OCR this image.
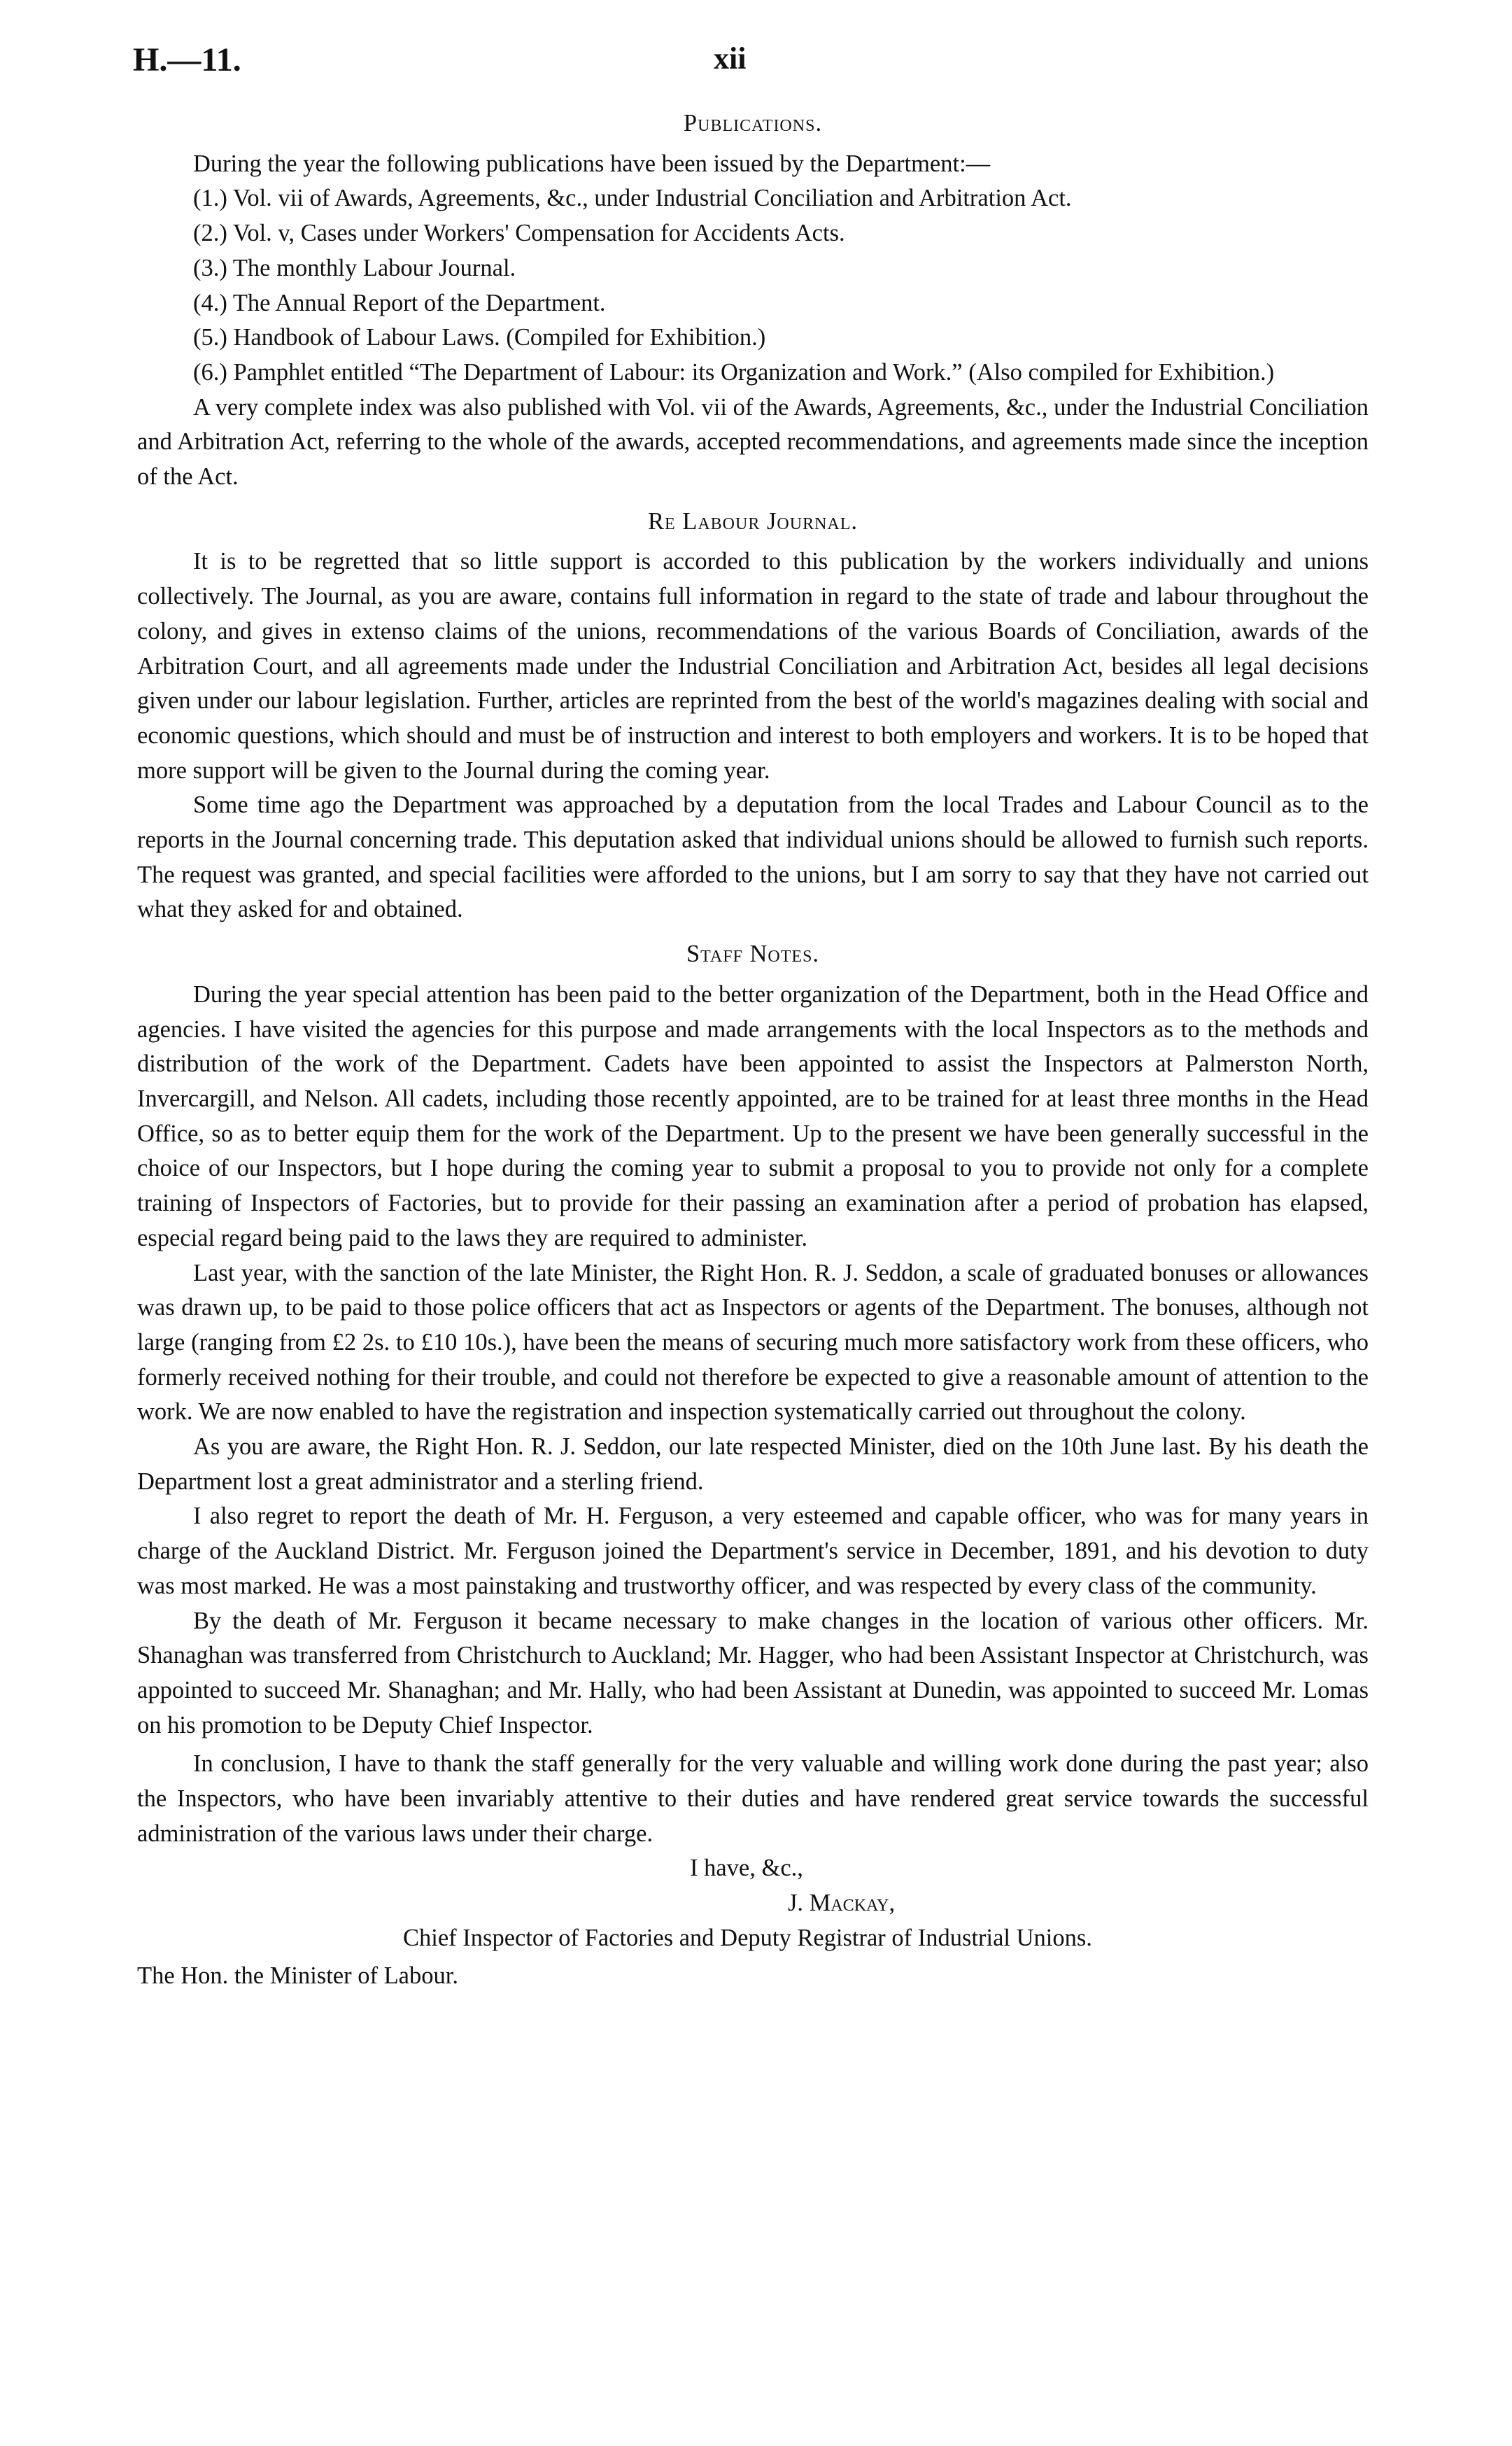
H.—11.	xii
Publications.

During the year the following publications have been issued by the Department:—

(1.) Vol. vii of Awards, Agreements, &c., under Industrial Conciliation and Arbitration Act.

(2.) Vol. v, Cases under Workers' Compensation for Accidents Acts.

(3.) The monthly Labour Journal.

(4.) The Annual Report of the Department.

(5.) Handbook of Labour Laws. (Compiled for Exhibition.)

(6.) Pamphlet entitled “The Department of Labour: its Organization and Work.” (Also compiled for Exhibition.)

A very complete index was also published with Vol. vii of the Awards, Agreements, &c., under the Industrial Conciliation and Arbitration Act, referring to the whole of the awards, accepted recommendations, and agreements made since the inception of the Act.

Re Labour Journal.

It is to be regretted that so little support is accorded to this publication by the workers individually and unions collectively. The Journal, as you are aware, contains full information in regard to the state of trade and labour throughout the colony, and gives in extenso claims of the unions, recommendations of the various Boards of Conciliation, awards of the Arbitration Court, and all agreements made under the Industrial Conciliation and Arbitration Act, besides all legal decisions given under our labour legislation. Further, articles are reprinted from the best of the world's magazines dealing with social and economic questions, which should and must be of instruction and interest to both employers and workers. It is to be hoped that more support will be given to the Journal during the coming year.

Some time ago the Department was approached by a deputation from the local Trades and Labour Council as to the reports in the Journal concerning trade. This deputation asked that individual unions should be allowed to furnish such reports. The request was granted, and special facilities were afforded to the unions, but I am sorry to say that they have not carried out what they asked for and obtained.

Staff Notes.

During the year special attention has been paid to the better organization of the Department, both in the Head Office and agencies. I have visited the agencies for this purpose and made arrangements with the local Inspectors as to the methods and distribution of the work of the Department. Cadets have been appointed to assist the Inspectors at Palmerston North, Invercargill, and Nelson. All cadets, including those recently appointed, are to be trained for at least three months in the Head Office, so as to better equip them for the work of the Department. Up to the present we have been generally successful in the choice of our Inspectors, but I hope during the coming year to submit a proposal to you to provide not only for a complete training of Inspectors of Factories, but to provide for their passing an examination after a period of probation has elapsed, especial regard being paid to the laws they are required to administer.

Last year, with the sanction of the late Minister, the Right Hon. R. J. Seddon, a scale of graduated bonuses or allowances was drawn up, to be paid to those police officers that act as Inspectors or agents of the Department. The bonuses, although not large (ranging from £2 2s. to £10 10s.), have been the means of securing much more satisfactory work from these officers, who formerly received nothing for their trouble, and could not therefore be expected to give a reasonable amount of attention to the work. We are now enabled to have the registration and inspection systematically carried out throughout the colony.

As you are aware, the Right Hon. R. J. Seddon, our late respected Minister, died on the 10th June last. By his death the Department lost a great administrator and a sterling friend.

I also regret to report the death of Mr. H. Ferguson, a very esteemed and capable officer, who was for many years in charge of the Auckland District. Mr. Ferguson joined the Department's service in December, 1891, and his devotion to duty was most marked. He was a most painstaking and trustworthy officer, and was respected by every class of the community.

By the death of Mr. Ferguson it became necessary to make changes in the location of various other officers. Mr. Shanaghan was transferred from Christchurch to Auckland; Mr. Hagger, who had been Assistant Inspector at Christchurch, was appointed to succeed Mr. Shanaghan; and Mr. Hally, who had been Assistant at Dunedin, was appointed to succeed Mr. Lomas on his promotion to be Deputy Chief Inspector.

In conclusion, I have to thank the staff generally for the very valuable and willing work done during the past year; also the Inspectors, who have been invariably attentive to their duties and have rendered great service towards the successful administration of the various laws under their charge.

I have, &c.,

J. Mackay,

Chief Inspector of Factories and Deputy Registrar of Industrial Unions.

The Hon. the Minister of Labour.
